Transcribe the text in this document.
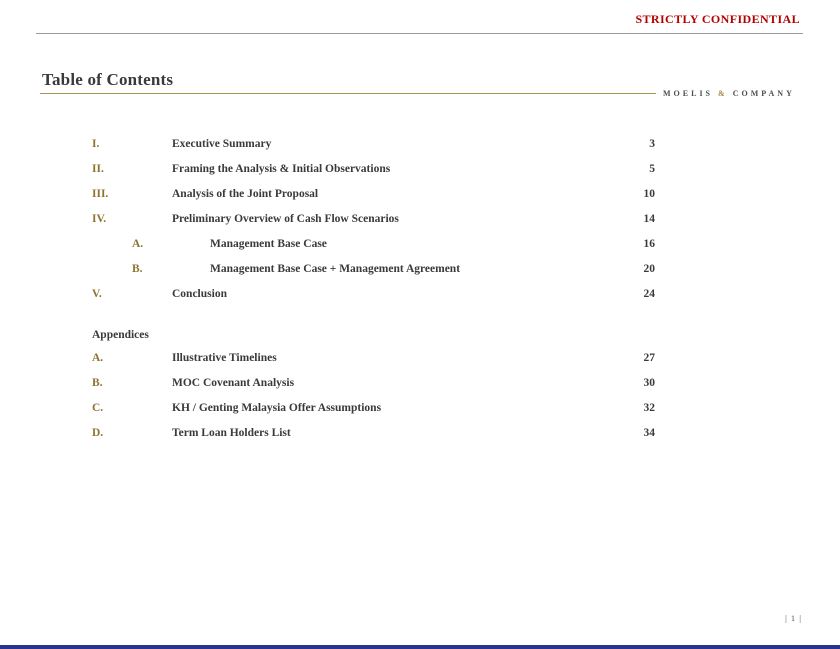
STRICTLY CONFIDENTIAL
Table of Contents
MOELIS & COMPANY
I.	Executive Summary	3
II.	Framing the Analysis & Initial Observations	5
III.	Analysis of the Joint Proposal	10
IV.	Preliminary Overview of Cash Flow Scenarios	14
A.	Management Base Case	16
B.	Management Base Case + Management Agreement	20
V.	Conclusion	24
Appendices
A.	Illustrative Timelines	27
B.	MOC Covenant Analysis	30
C.	KH / Genting Malaysia Offer Assumptions	32
D.	Term Loan Holders List	34
| 1 |
